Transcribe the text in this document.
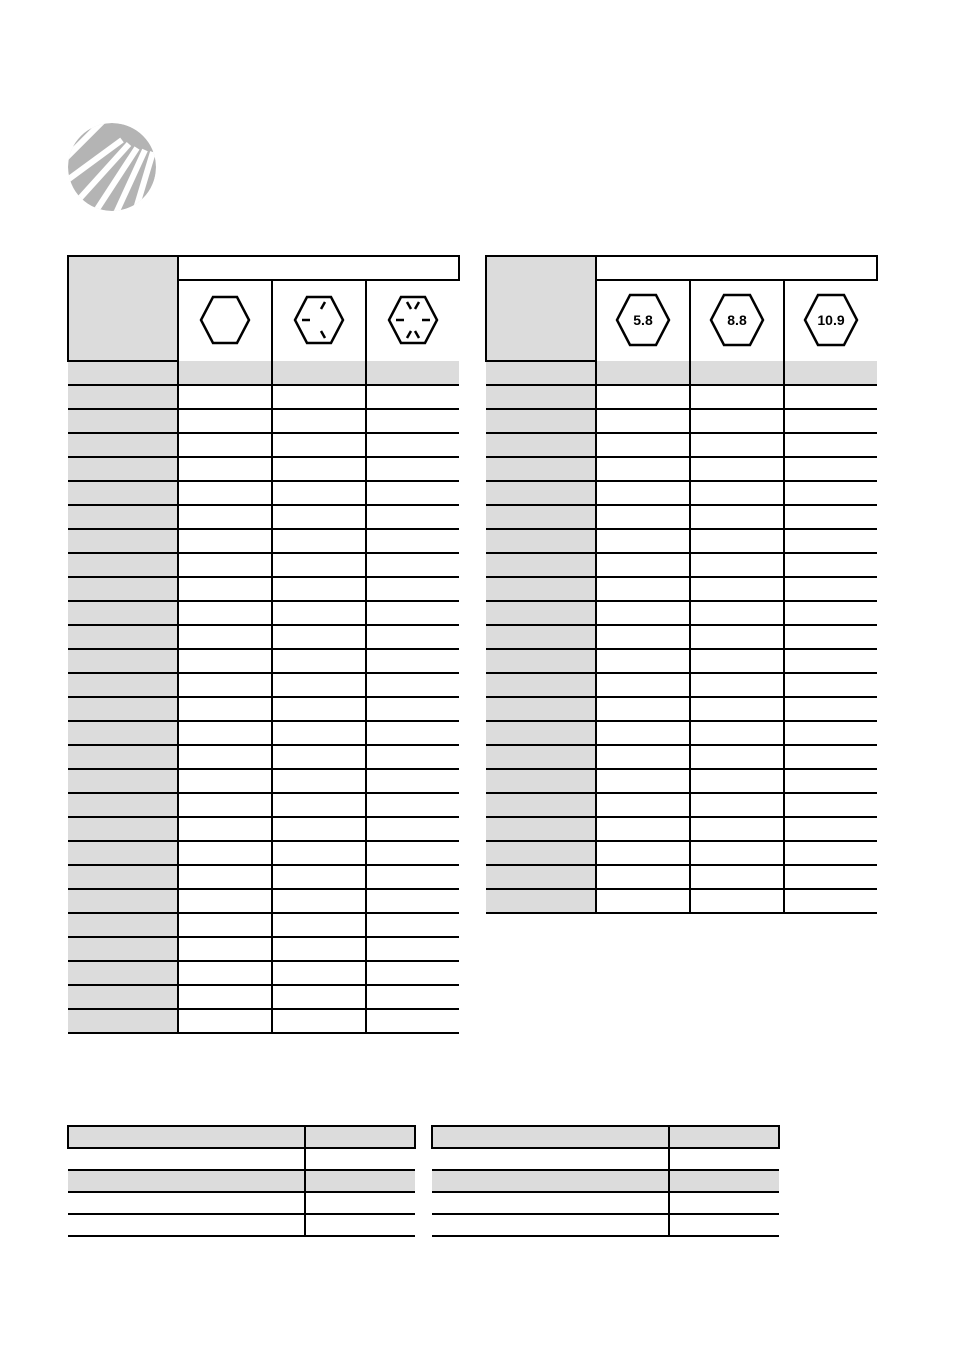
5.8	8.8	10.9
